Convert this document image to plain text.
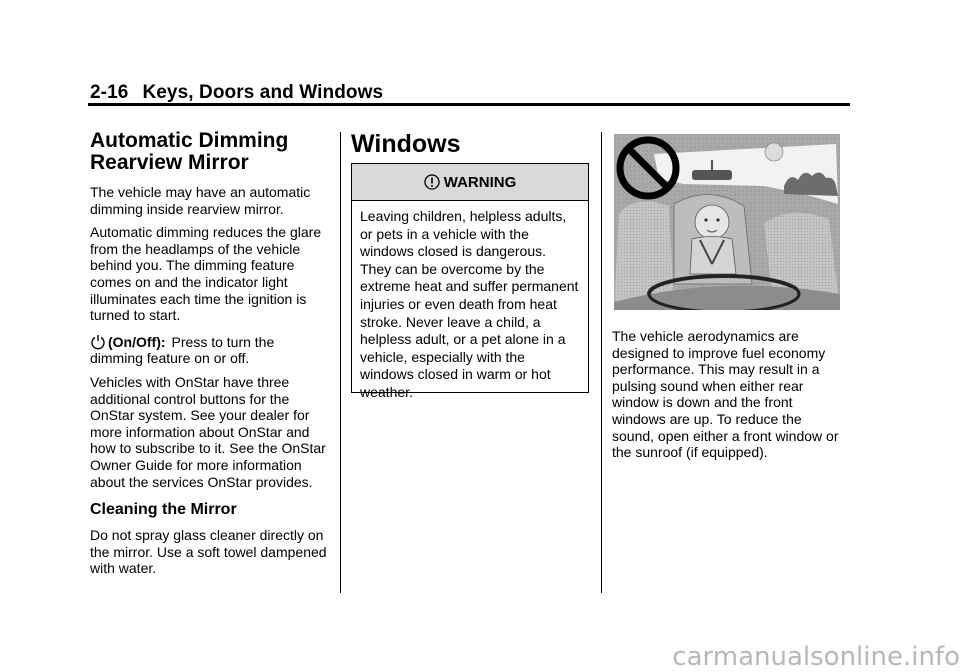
2-16 Keys, Doors and Windows
Automatic Dimming
Rearview Mirror

The vehicle may have an automatic dimming inside rearview mirror.

Automatic dimming reduces the glare from the headlamps of the vehicle behind you. The dimming feature comes on and the indicator light illuminates each time the ignition is turned to start.

(On/Off): Press to turn the
dimming feature on or off.

Vehicles with OnStar have three additional control buttons for the OnStar system. See your dealer for more information about OnStar and how to subscribe to it. See the OnStar Owner Guide for more information about the services OnStar provides.

Cleaning the Mirror

Do not spray glass cleaner directly on the mirror. Use a soft towel dampened with water.

Windows
WARNING
Leaving children, helpless adults, or pets in a vehicle with the windows closed is dangerous. They can be overcome by the extreme heat and suffer permanent injuries or even death from heat stroke. Never leave a child, a helpless adult, or a pet alone in a vehicle, especially with the windows closed in warm or hot weather.

The vehicle aerodynamics are designed to improve fuel economy performance. This may result in a pulsing sound when either rear window is down and the front windows are up. To reduce the sound, open either a front window or the sunroof (if equipped).

carmanualsonline.info
